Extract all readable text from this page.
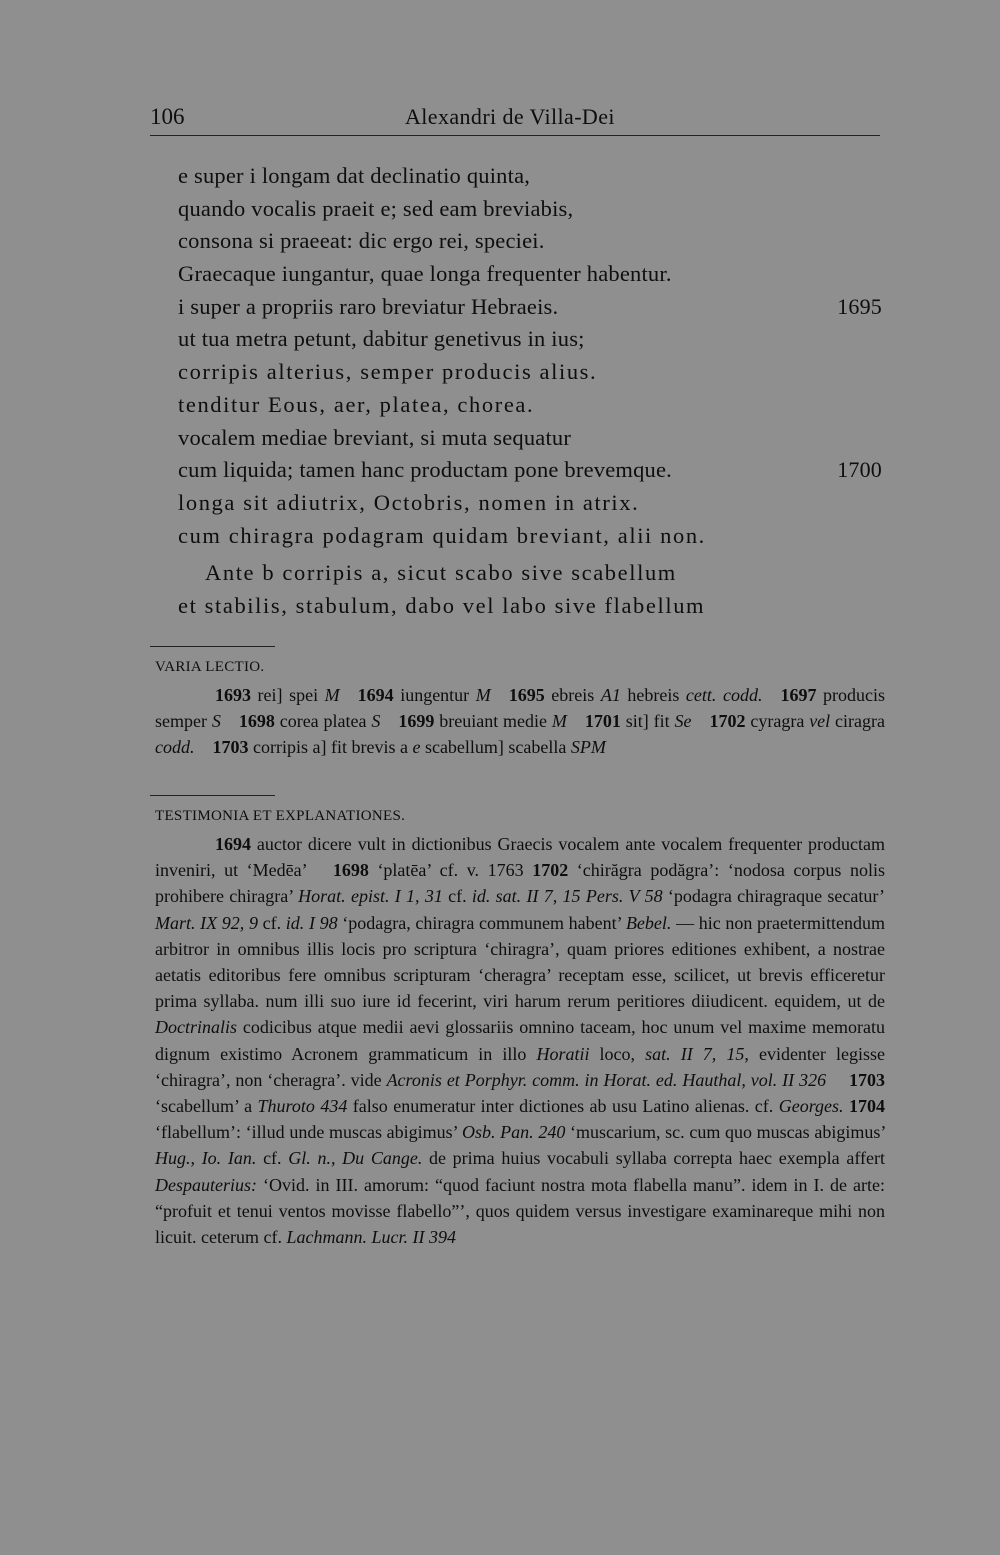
106	Alexandri de Villa-Dei
e super i longam dat declinatio quinta,
quando vocalis praeit e; sed eam breviabis,
consona si praeeat: dic ergo rei, speciei.
Graecaque iungantur, quae longa frequenter habentur.
i super a propriis raro breviatur Hebraeis.	1695
ut tua metra petunt, dabitur genetivus in ius;
corripis alterius, semper producis alius.
tenditur Eous, aer, platea, chorea.
vocalem mediae breviant, si muta sequatur
cum liquida; tamen hanc productam pone brevemque.	1700
longa sit adiutrix, Octobris, nomen in atrix.
cum chiragra podagram quidam breviant, alii non.
Ante b corripis a, sicut scabo sive scabellum
et stabilis, stabulum, dabo vel labo sive flabellum
VARIA LECTIO.

1693 rei] spei M  1694 iungentur M  1695 ebreis A1 hebreis cett. codd.  1697 producis semper S  1698 corea platea S  1699 breuiant medie M  1701 sit] fit Se  1702 cyragra vel ciragra codd.  1703 corripis a] fit brevis a e scabellum] scabella SPM

TESTIMONIA ET EXPLANATIONES.

1694 auctor dicere vult in dictionibus Graecis vocalem ante vocalem frequenter productam inveniri, ut ‘Medēa’  1698 ‘platēa’ cf. v. 1763 1702 ‘chirăgra podăgra’: ‘nodosa corpus nolis prohibere chiragra’ Horat. epist. I 1, 31 cf. id. sat. II 7, 15 Pers. V 58 ‘podagra chiragraque secatur’ Mart. IX 92, 9 cf. id. I 98 ‘podagra, chiragra communem habent’ Bebel. — hic non praetermittendum arbitror in omnibus illis locis pro scriptura ‘chiragra’, quam priores editiones exhibent, a nostrae aetatis editoribus fere omnibus scripturam ‘cheragra’ receptam esse, scilicet, ut brevis efficeretur prima syllaba. num illi suo iure id fecerint, viri harum rerum peritiores diiudicent. equidem, ut de Doctrinalis codicibus atque medii aevi glossariis omnino taceam, hoc unum vel maxime memoratu dignum existimo Acronem grammaticum in illo Horatii loco, sat. II 7, 15, evidenter legisse ‘chiragra’, non ‘cheragra’. vide Acronis et Porphyr. comm. in Horat. ed. Hauthal, vol. II 326   1703 ‘scabellum’ a Thuroto 434 falso enumeratur inter dictiones ab usu Latino alienas. cf. Georges. 1704 ‘flabellum’: ‘illud unde muscas abigimus’ Osb. Pan. 240 ‘muscarium, sc. cum quo muscas abigimus’ Hug., Io. Ian. cf. Gl. n., Du Cange. de prima huius vocabuli syllaba correpta haec exempla affert Despauterius: ‘Ovid. in III. amorum: “quod faciunt nostra mota flabella manu”. idem in I. de arte: “profuit et tenui ventos movisse flabello”’, quos quidem versus investigare examinareque mihi non licuit. ceterum cf. Lachmann. Lucr. II 394
